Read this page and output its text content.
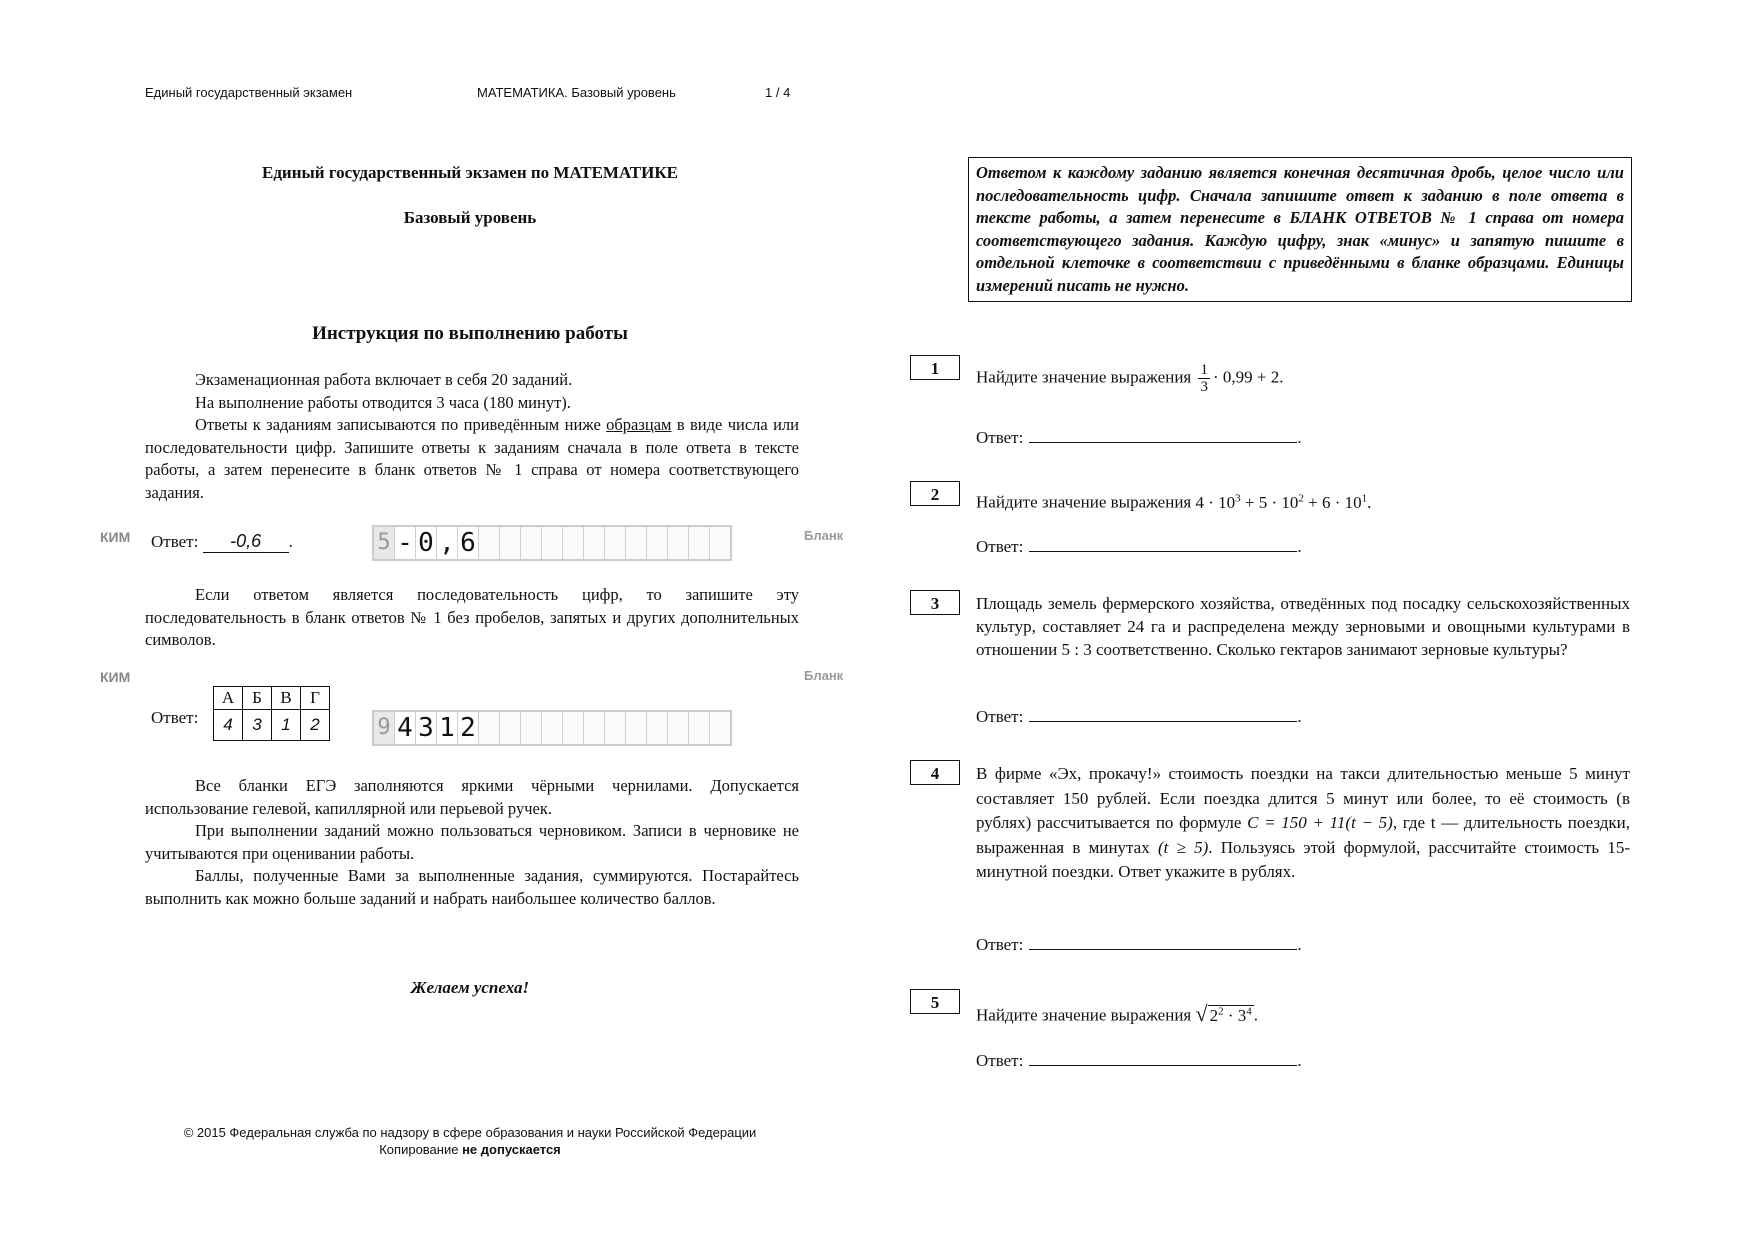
Единый государственный экзамен	МАТЕМАТИКА. Базовый уровень	1 / 4
Единый государственный экзамен по МАТЕМАТИКЕ
Базовый уровень
Инструкция по выполнению работы
Экзаменационная работа включает в себя 20 заданий.
На выполнение работы отводится 3 часа (180 минут).
Ответы к заданиям записываются по приведённым ниже образцам в виде числа или последовательности цифр. Запишите ответы к заданиям сначала в поле ответа в тексте работы, а затем перенесите в бланк ответов № 1 справа от номера соответствующего задания.
КИМ Ответ: -0,6 .	5 - 0 , 6	Бланк
Если ответом является последовательность цифр, то запишите эту последовательность в бланк ответов № 1 без пробелов, запятых и других дополнительных символов.
КИМ	Бланк
Ответ:
А	Б	В	Г
4	3	1	2	9 4 3 1 2
Все бланки ЕГЭ заполняются яркими чёрными чернилами. Допускается использование гелевой, капиллярной или перьевой ручек.
При выполнении заданий можно пользоваться черновиком. Записи в черновике не учитываются при оценивании работы.
Баллы, полученные Вами за выполненные задания, суммируются. Постарайтесь выполнить как можно больше заданий и набрать наибольшее количество баллов.
Желаем успеха!
© 2015 Федеральная служба по надзору в сфере образования и науки Российской Федерации
Копирование не допускается
Ответом к каждому заданию является конечная десятичная дробь, целое число или последовательность цифр. Сначала запишите ответ к заданию в поле ответа в тексте работы, а затем перенесите в БЛАНК ОТВЕТОВ № 1 справа от номера соответствующего задания. Каждую цифру, знак «минус» и запятую пишите в отдельной клеточке в соответствии с приведёнными в бланке образцами. Единицы измерений писать не нужно.
1	Найдите значение выражения $\frac{1}{3} \cdot 0,99 + 2$.
Ответ:	.
2	Найдите значение выражения $4 \cdot 10^3 + 5 \cdot 10^2 + 6 \cdot 10^1$.
Ответ:	.
3	Площадь земель фермерского хозяйства, отведённых под посадку сельскохозяйственных культур, составляет 24 га и распределена между зерновыми и овощными культурами в отношении 5 : 3 соответственно. Сколько гектаров занимают зерновые культуры?
Ответ:	.
4	В фирме «Эх, прокачу!» стоимость поездки на такси длительностью меньше 5 минут составляет 150 рублей. Если поездка длится 5 минут или более, то её стоимость (в рублях) рассчитывается по формуле C = 150 + 11(t − 5), где t — длительность поездки, выраженная в минутах (t ≥ 5). Пользуясь этой формулой, рассчитайте стоимость 15-минутной поездки. Ответ укажите в рублях.
Ответ:	.
5
Найдите значение выражения √ $2^2 \cdot 3^4$ .
Ответ:	.
